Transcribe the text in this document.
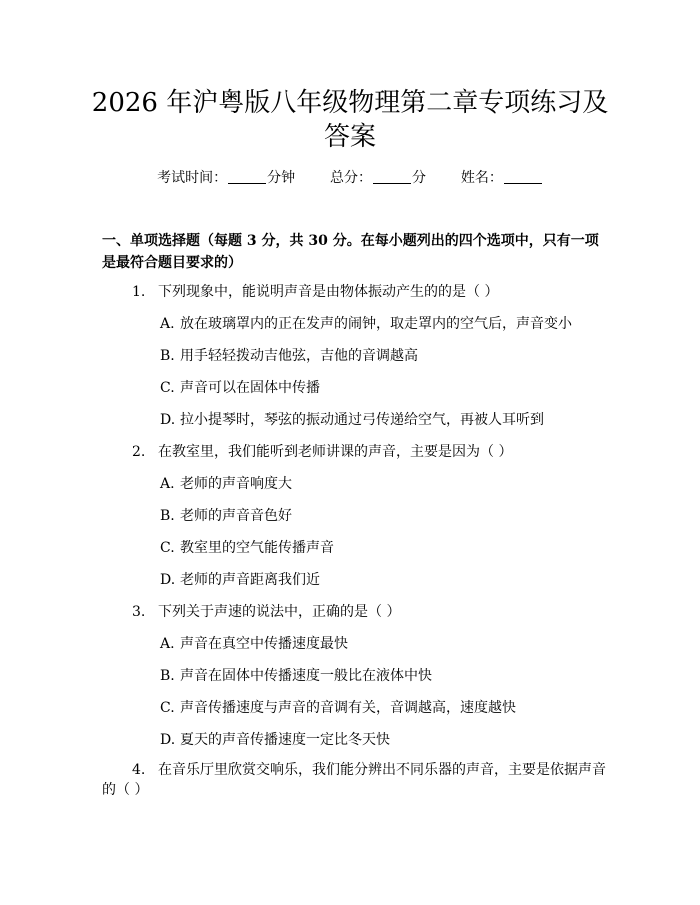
2026 年沪粤版八年级物理第二章专项练习及
答案
考试时间：	分钟 总分：	分 姓名：
一、单项选择题（每题 3 分，共 30 分。在每小题列出的四个选项中，只有一项是最符合题目要求的）
1. 下列现象中，能说明声音是由物体振动产生的的是（ ）
A. 放在玻璃罩内的正在发声的闹钟，取走罩内的空气后，声音变小
B. 用手轻轻拨动吉他弦，吉他的音调越高
C. 声音可以在固体中传播
D. 拉小提琴时，琴弦的振动通过弓传递给空气，再被人耳听到
2. 在教室里，我们能听到老师讲课的声音，主要是因为（ ）
A. 老师的声音响度大
B. 老师的声音音色好
C. 教室里的空气能传播声音
D. 老师的声音距离我们近
3. 下列关于声速的说法中，正确的是（ ）
A. 声音在真空中传播速度最快
B. 声音在固体中传播速度一般比在液体中快
C. 声音传播速度与声音的音调有关，音调越高，速度越快
D. 夏天的声音传播速度一定比冬天快
4. 在音乐厅里欣赏交响乐，我们能分辨出不同乐器的声音，主要是依据声音
的（ ）
